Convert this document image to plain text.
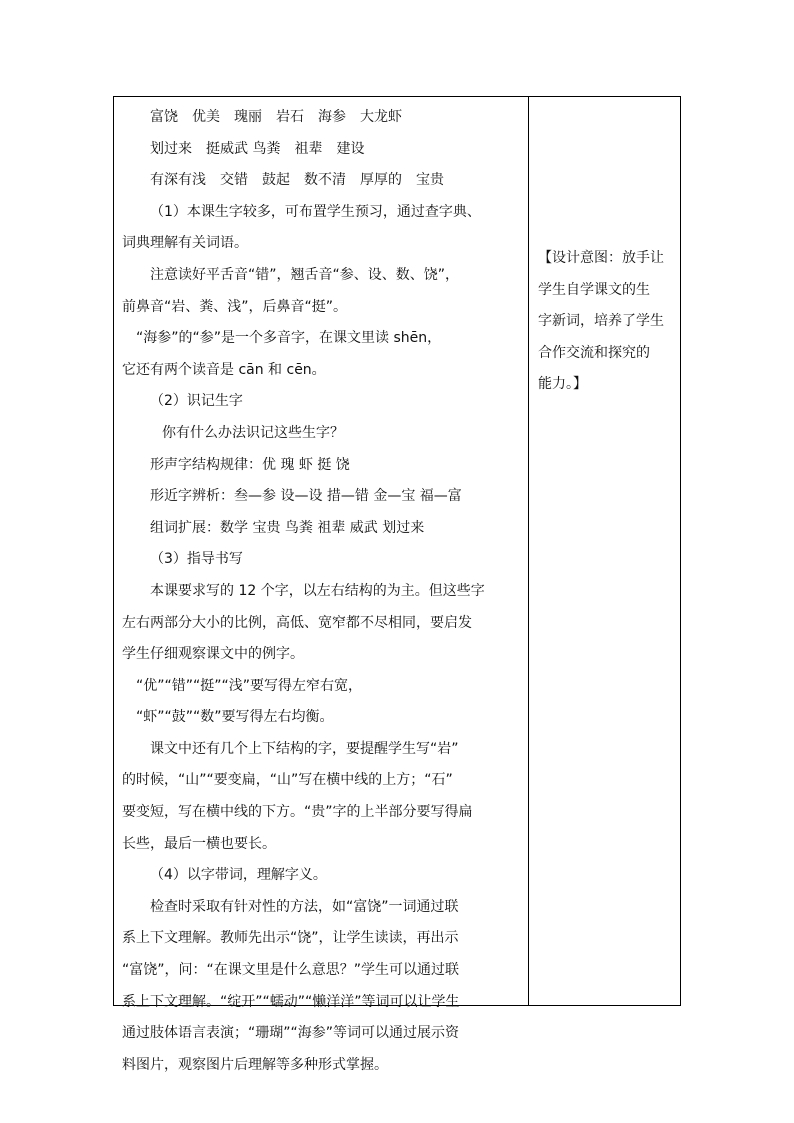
富饶　优美　瑰丽　岩石　海参　大龙虾
划过来　挺威武 鸟粪　祖辈　建设
有深有浅　交错　鼓起　数不清　厚厚的　宝贵
（1）本课生字较多，可布置学生预习，通过查字典、
词典理解有关词语。
注意读好平舌音“错”，翘舌音“参、设、数、饶”，
前鼻音“岩、粪、浅”，后鼻音“挺”。
“海参”的“参”是一个多音字，在课文里读 shēn，
它还有两个读音是 cān 和 cēn。
（2）识记生字
你有什么办法识记这些生字？
形声字结构规律：优 瑰 虾 挺 饶
形近字辨析：叁—参 设—设 措—错 金—宝 福—富
组词扩展：数学 宝贵 鸟粪 祖辈 威武 划过来
（3）指导书写
本课要求写的 12 个字，以左右结构的为主。但这些字
左右两部分大小的比例，高低、宽窄都不尽相同，要启发
学生仔细观察课文中的例字。
“优”“错”“挺”“浅”要写得左窄右宽，
“虾”“鼓”“数”要写得左右均衡。
课文中还有几个上下结构的字，要提醒学生写“岩”
的时候，“山”“要变扁，“山”写在横中线的上方；“石”
要变短，写在横中线的下方。“贵”字的上半部分要写得扁
长些，最后一横也要长。
（4）以字带词，理解字义。
检查时采取有针对性的方法，如“富饶”一词通过联
系上下文理解。教师先出示“饶”，让学生读读，再出示
“富饶”，问：“在课文里是什么意思？”学生可以通过联
系上下文理解。“绽开”“蠕动”“懒洋洋”等词可以让学生
通过肢体语言表演；“珊瑚”“海参”等词可以通过展示资
料图片，观察图片后理解等多种形式掌握。
【设计意图：放手让
学生自学课文的生
字新词，培养了学生
合作交流和探究的
能力。】
